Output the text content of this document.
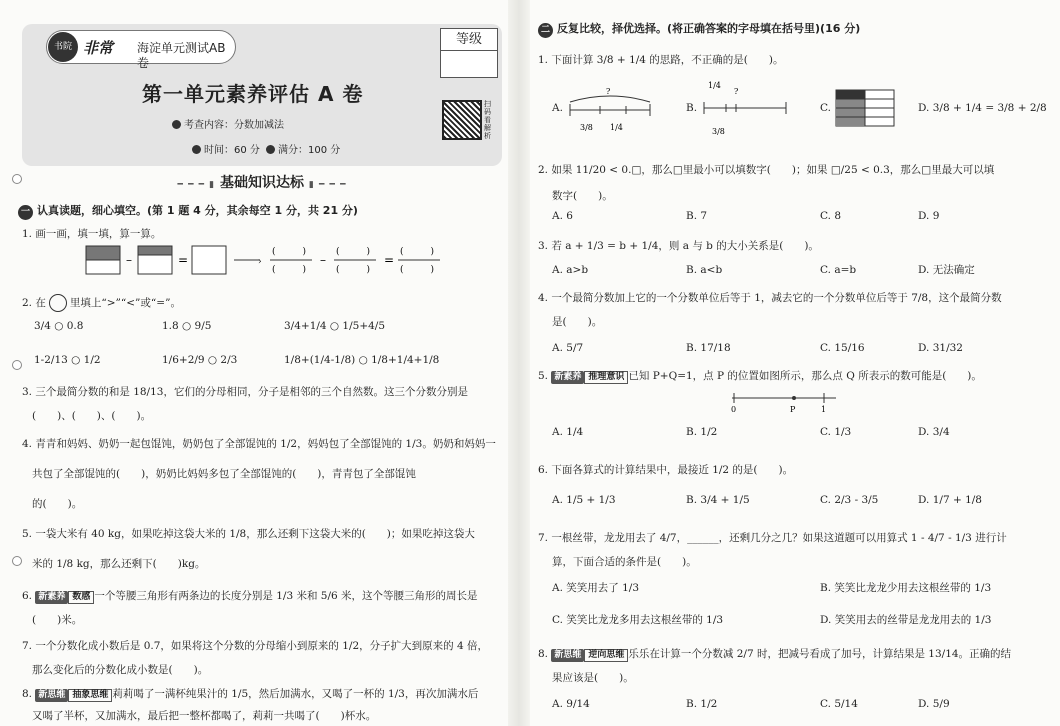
书院 非常 海淀单元测试AB卷
等级
第一单元素养评估 A 卷
考查内容：分数加减法
时间：60 分	满分：100 分
扫码看解析
━ ━ ━ ▮ 基础知识达标 ▮ ━ ━ ━
一 认真读题，细心填空。(第 1 题 4 分，其余每空 1 分，共 21 分)
1. 画一画，填一填，算一算。
–	=	›
(　　　)
(　　　)
–
(　　　)
(　　　)
=
(　　　)
(　　　)
2. 在 里填上“>”“<”或“=”。
3/4 ○ 0.8	1.8 ○ 9/5	3/4+1/4 ○ 1/5+4/5
1-2/13 ○ 1/2	1/6+2/9 ○ 2/3	1/8+(1/4-1/8) ○ 1/8+1/4+1/8
3. 三个最简分数的和是 18/13，它们的分母相同，分子是相邻的三个自然数。这三个分数分别是
(　　)、(　　)、(　　)。
4. 青青和妈妈、奶奶一起包馄饨，奶奶包了全部馄饨的 1/2，妈妈包了全部馄饨的 1/3。奶奶和妈妈一
共包了全部馄饨的(　　)，奶奶比妈妈多包了全部馄饨的(　　)，青青包了全部馄饨
的(　　)。
5. 一袋大米有 40 kg，如果吃掉这袋大米的 1/8，那么还剩下这袋大米的(　　)；如果吃掉这袋大
米的 1/8 kg，那么还剩下(　　)kg。
6. 新素养 数感 一个等腰三角形有两条边的长度分别是 1/3 米和 5/6 米，这个等腰三角形的周长是
(　　)米。
7. 一个分数化成小数后是 0.7，如果将这个分数的分母缩小到原来的 1/2，分子扩大到原来的 4 倍，
那么变化后的分数化成小数是(　　)。
8. 新思维 抽象思维 莉莉喝了一满杯纯果汁的 1/5，然后加满水，又喝了一杯的 1/3，再次加满水后
又喝了半杯，又加满水，最后把一整杯都喝了，莉莉一共喝了(　　)杯水。
二 反复比较，择优选择。(将正确答案的字母填在括号里)(16 分)
1. 下面计算 3/8 + 1/4 的思路，不正确的是(　　)。
A.
?
3/8 1/4
B.
1/4
?
3/8
C.	D. 3/8 + 1/4 = 3/8 + 2/8
2. 如果 11/20 < 0.□，那么□里最小可以填数字(　　)；如果 □/25 < 0.3，那么□里最大可以填
数字(　　)。
A. 6	B. 7	C. 8	D. 9
3. 若 a + 1/3 = b + 1/4，则 a 与 b 的大小关系是(　　)。
A. a>b	B. a<b	C. a=b	D. 无法确定
4. 一个最简分数加上它的一个分数单位后等于 1，减去它的一个分数单位后等于 7/8，这个最简分数
是(　　)。
A. 5/7	B. 17/18	C. 15/16	D. 31/32
5. 新素养 推理意识 已知 P+Q=1，点 P 的位置如图所示，那么点 Q 所表示的数可能是(　　)。
0	P	1
A. 1/4	B. 1/2	C. 1/3	D. 3/4
6. 下面各算式的计算结果中，最接近 1/2 的是(　　)。
A. 1/5 + 1/3	B. 3/4 + 1/5	C. 2/3 - 3/5	D. 1/7 + 1/8
7. 一根丝带，龙龙用去了 4/7，______，还剩几分之几？如果这道题可以用算式 1 - 4/7 - 1/3 进行计
算，下面合适的条件是(　　)。
A. 笑笑用去了 1/3	B. 笑笑比龙龙少用去这根丝带的 1/3
C. 笑笑比龙龙多用去这根丝带的 1/3	D. 笑笑用去的丝带是龙龙用去的 1/3
8. 新思维 逆向思维 乐乐在计算一个分数减 2/7 时，把减号看成了加号，计算结果是 13/14。正确的结
果应该是(　　)。
A. 9/14	B. 1/2	C. 5/14	D. 5/9
